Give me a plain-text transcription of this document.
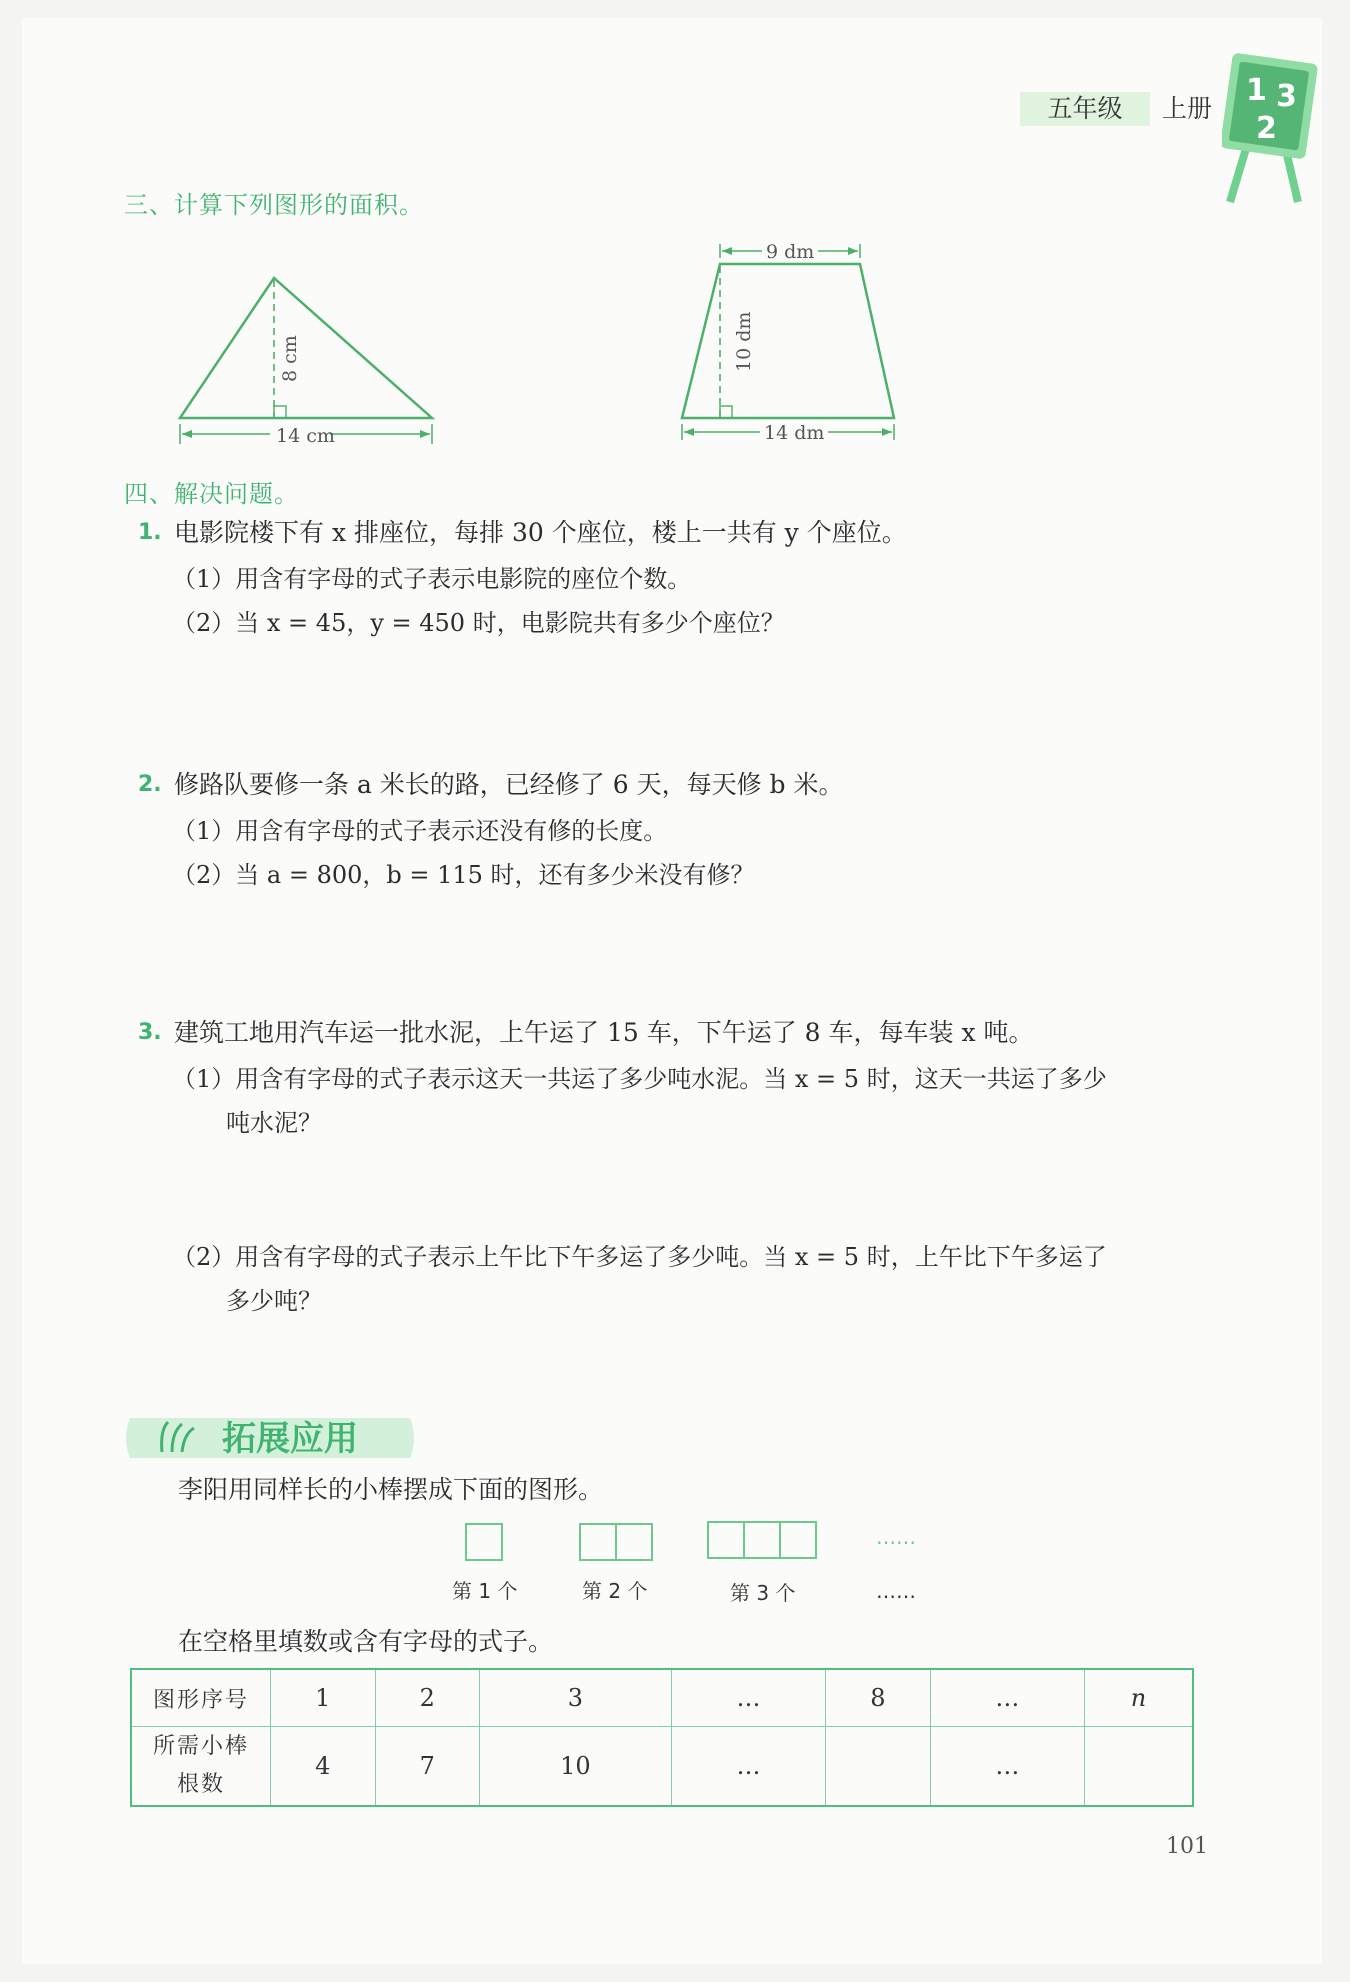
五年级	上册
1 3
2
三、计算下列图形的面积。
14 cm
8 cm
9 dm
14 dm
10 dm
四、解决问题。
1. 电影院楼下有 x 排座位，每排 30 个座位，楼上一共有 y 个座位。
（1）用含有字母的式子表示电影院的座位个数。
（2）当 x = 45，y = 450 时，电影院共有多少个座位？
2. 修路队要修一条 a 米长的路，已经修了 6 天，每天修 b 米。
（1）用含有字母的式子表示还没有修的长度。
（2）当 a = 800，b = 115 时，还有多少米没有修？
3. 建筑工地用汽车运一批水泥，上午运了 15 车，下午运了 8 车，每车装 x 吨。
（1）用含有字母的式子表示这天一共运了多少吨水泥。当 x = 5 时，这天一共运了多少
吨水泥？
（2）用含有字母的式子表示上午比下午多运了多少吨。当 x = 5 时，上午比下午多运了
多少吨？
拓展应用
李阳用同样长的小棒摆成下面的图形。
……
第 1 个	第 2 个	第 3 个	……
在空格里填数或含有字母的式子。
图形序号	1	2	3	…	8	…	n

所需小棒
根数	4	7	10	…		…	
101
